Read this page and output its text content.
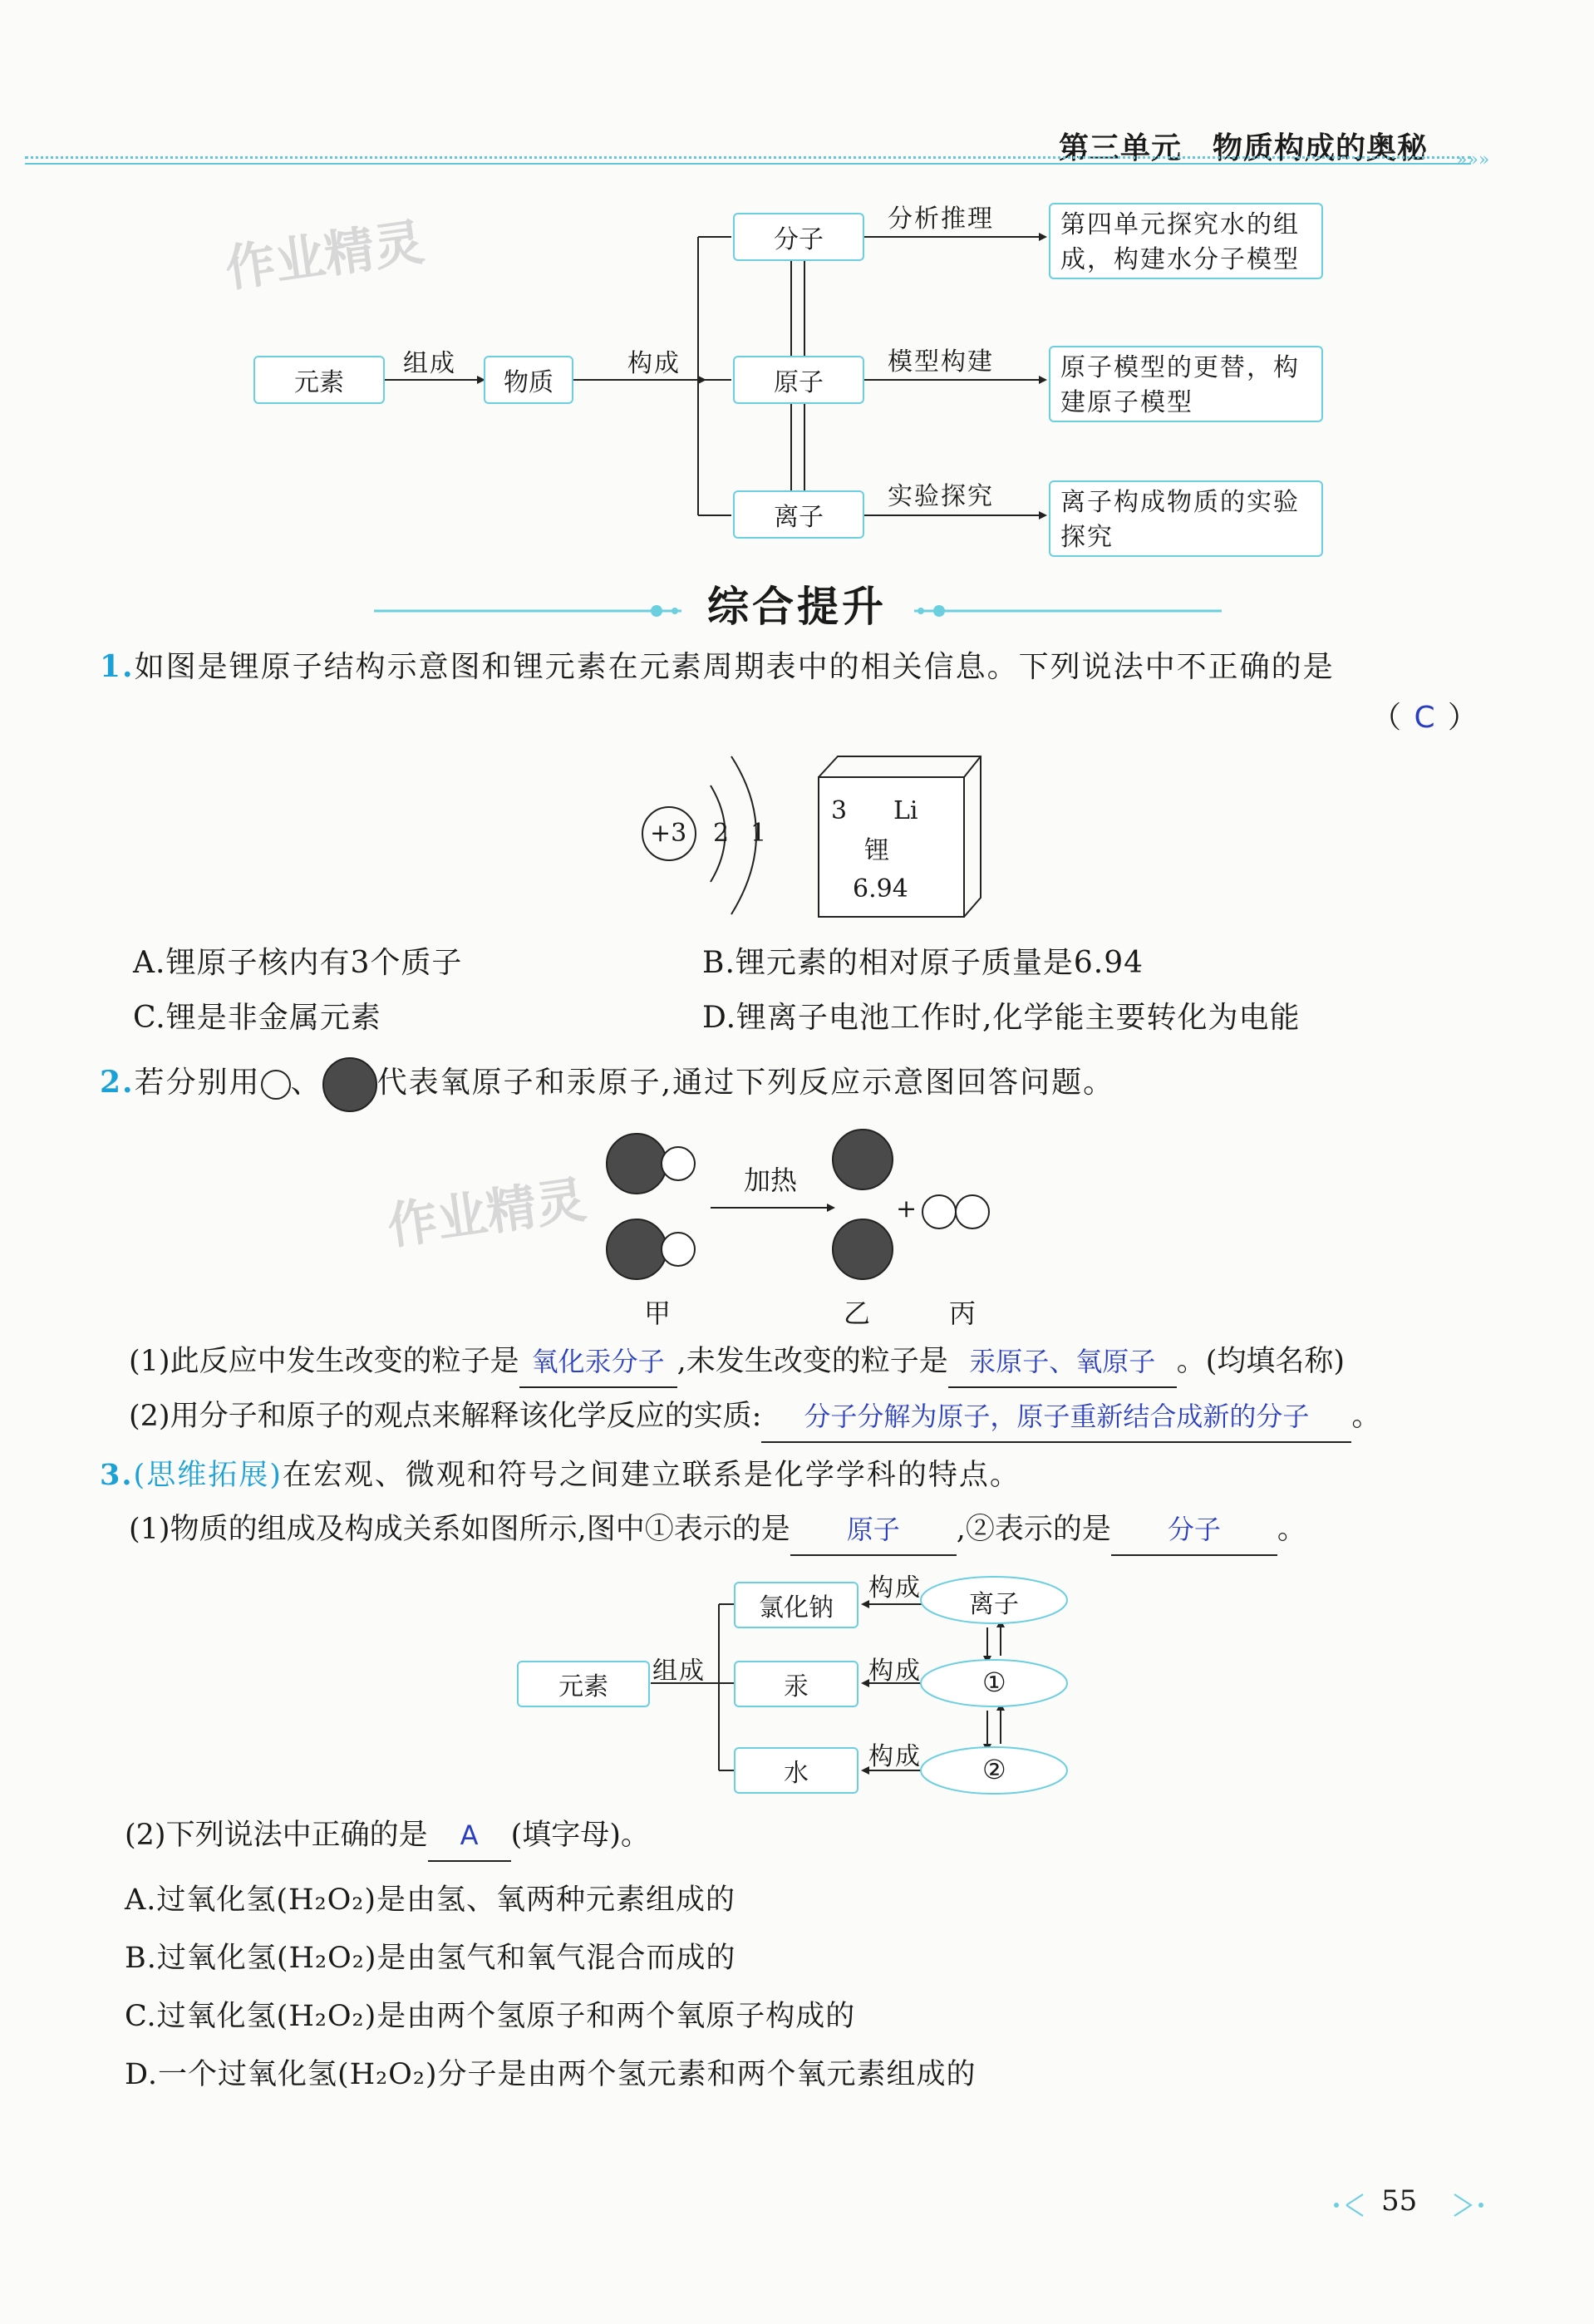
第三单元　物质构成的奥秘 »»»
作业精灵
元素
组成
物质
构成
分子
原子
离子
分析推理
模型构建
实验探究
第四单元探究水的组成，构建水分子模型
原子模型的更替，构建原子模型
离子构成物质的实验探究
综合提升
1.如图是锂原子结构示意图和锂元素在元素周期表中的相关信息。下列说法中不正确的是
（ C ）
+3 2 1
3 Li
锂
6.94
A.锂原子核内有3个质子	B.锂元素的相对原子质量是6.94
C.锂是非金属元素	D.锂离子电池工作时,化学能主要转化为电能
2.若分别用 、 代表氧原子和汞原子,通过下列反应示意图回答问题。
加热
+
作业精灵
甲	乙	丙
(1)此反应中发生改变的粒子是 氧化汞分子 ,未发生改变的粒子是 汞原子、氧原子 。(均填名称)
(2)用分子和原子的观点来解释该化学反应的实质: 分子分解为原子，原子重新结合成新的分子 。
3.(思维拓展)在宏观、微观和符号之间建立联系是化学学科的特点。
(1)物质的组成及构成关系如图所示,图中①表示的是 原子 ,②表示的是 分子 。
元素
组成
氯化钠
汞
水
构成
构成
构成
离子
①
②
(2)下列说法中正确的是 A (填字母)。
A.过氧化氢(H₂O₂)是由氢、氧两种元素组成的
B.过氧化氢(H₂O₂)是由氢气和氧气混合而成的
C.过氧化氢(H₂O₂)是由两个氢原子和两个氧原子构成的
D.一个过氧化氢(H₂O₂)分子是由两个氢元素和两个氧元素组成的
55
